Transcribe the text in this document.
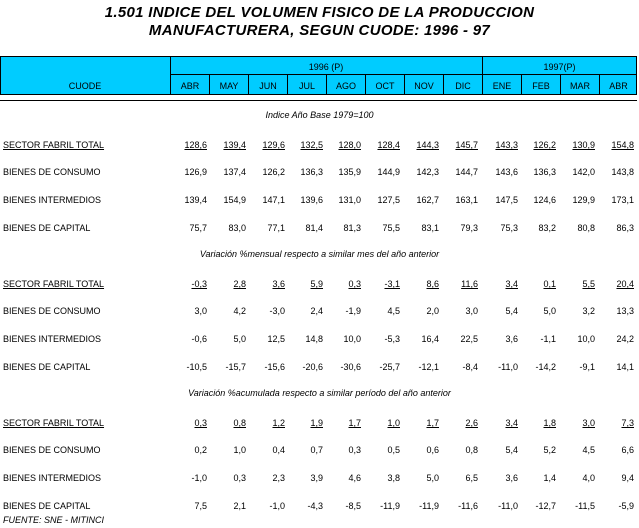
1.501 INDICE DEL VOLUMEN FISICO DE LA PRODUCCION
MANUFACTURERA, SEGUN CUODE: 1996 - 97
1996 (P)	1997(P)
CUODE	ABR	MAY	JUN	JUL	AGO	OCT	NOV	DIC	ENE	FEB	MAR	ABR
Indice Año Base 1979=100
SECTOR FABRIL TOTAL	128,6	139,4	129,6	132,5	128,0	128,4	144,3	145,7	143,3	126,2	130,9	154,8
BIENES DE CONSUMO	126,9	137,4	126,2	136,3	135,9	144,9	142,3	144,7	143,6	136,3	142,0	143,8
BIENES INTERMEDIOS	139,4	154,9	147,1	139,6	131,0	127,5	162,7	163,1	147,5	124,6	129,9	173,1
BIENES DE CAPITAL	75,7	83,0	77,1	81,4	81,3	75,5	83,1	79,3	75,3	83,2	80,8	86,3
Variación %mensual respecto a similar mes del año anterior
SECTOR FABRIL TOTAL	-0,3	2,8	3,6	5,9	0,3	-3,1	8,6	11,6	3,4	0,1	5,5	20,4
BIENES DE CONSUMO	3,0	4,2	-3,0	2,4	-1,9	4,5	2,0	3,0	5,4	5,0	3,2	13,3
BIENES INTERMEDIOS	-0,6	5,0	12,5	14,8	10,0	-5,3	16,4	22,5	3,6	-1,1	10,0	24,2
BIENES DE CAPITAL	-10,5	-15,7	-15,6	-20,6	-30,6	-25,7	-12,1	-8,4	-11,0	-14,2	-9,1	14,1
Variación %acumulada respecto a similar período del año anterior
SECTOR FABRIL TOTAL	0,3	0,8	1,2	1,9	1,7	1,0	1,7	2,6	3,4	1,8	3,0	7,3
BIENES DE CONSUMO	0,2	1,0	0,4	0,7	0,3	0,5	0,6	0,8	5,4	5,2	4,5	6,6
BIENES INTERMEDIOS	-1,0	0,3	2,3	3,9	4,6	3,8	5,0	6,5	3,6	1,4	4,0	9,4
BIENES DE CAPITAL	7,5	2,1	-1,0	-4,3	-8,5	-11,9	-11,9	-11,6	-11,0	-12,7	-11,5	-5,9
FUENTE: SNE - MITINCI
